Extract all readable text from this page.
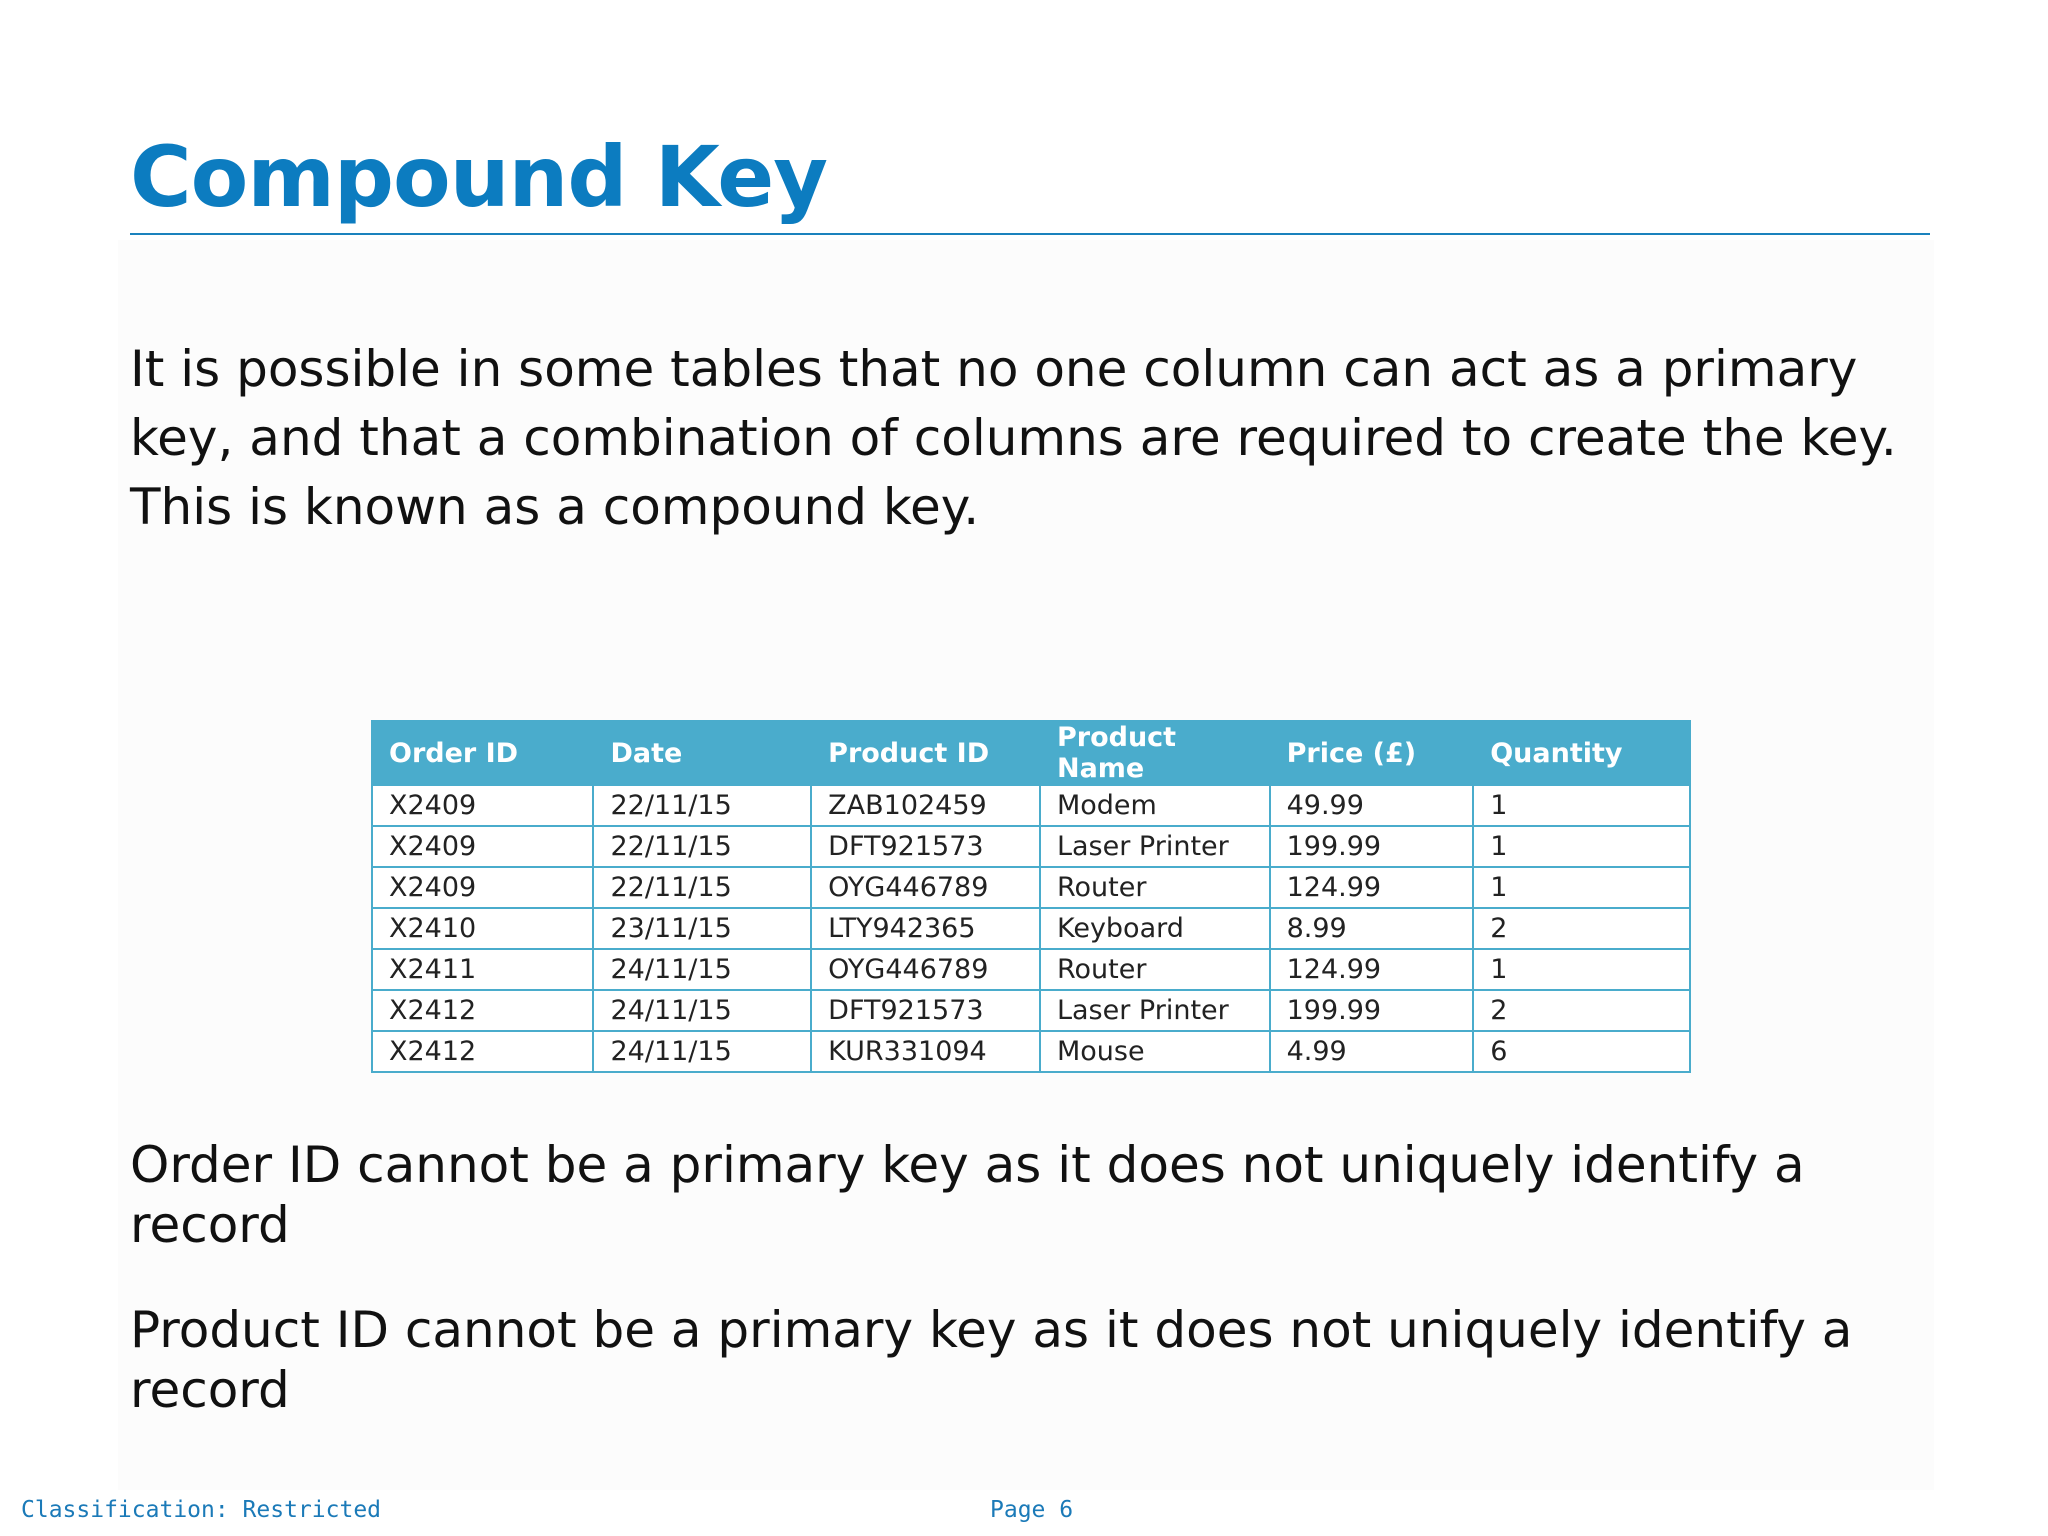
Compound Key

It is possible in some tables that no one column can act as a primary key, and that a combination of columns are required to create the key. This is known as a compound key.

Order ID	Date	Product ID	Product Name	Price (£)	Quantity
X2409	22/11/15	ZAB102459	Modem	49.99	1
X2409	22/11/15	DFT921573	Laser Printer	199.99	1
X2409	22/11/15	OYG446789	Router	124.99	1
X2410	23/11/15	LTY942365	Keyboard	8.99	2
X2411	24/11/15	OYG446789	Router	124.99	1
X2412	24/11/15	DFT921573	Laser Printer	199.99	2
X2412	24/11/15	KUR331094	Mouse	4.99	6

Order ID cannot be a primary key as it does not uniquely identify a record

Product ID cannot be a primary key as it does not uniquely identify a record

Classification: Restricted	Page 6
